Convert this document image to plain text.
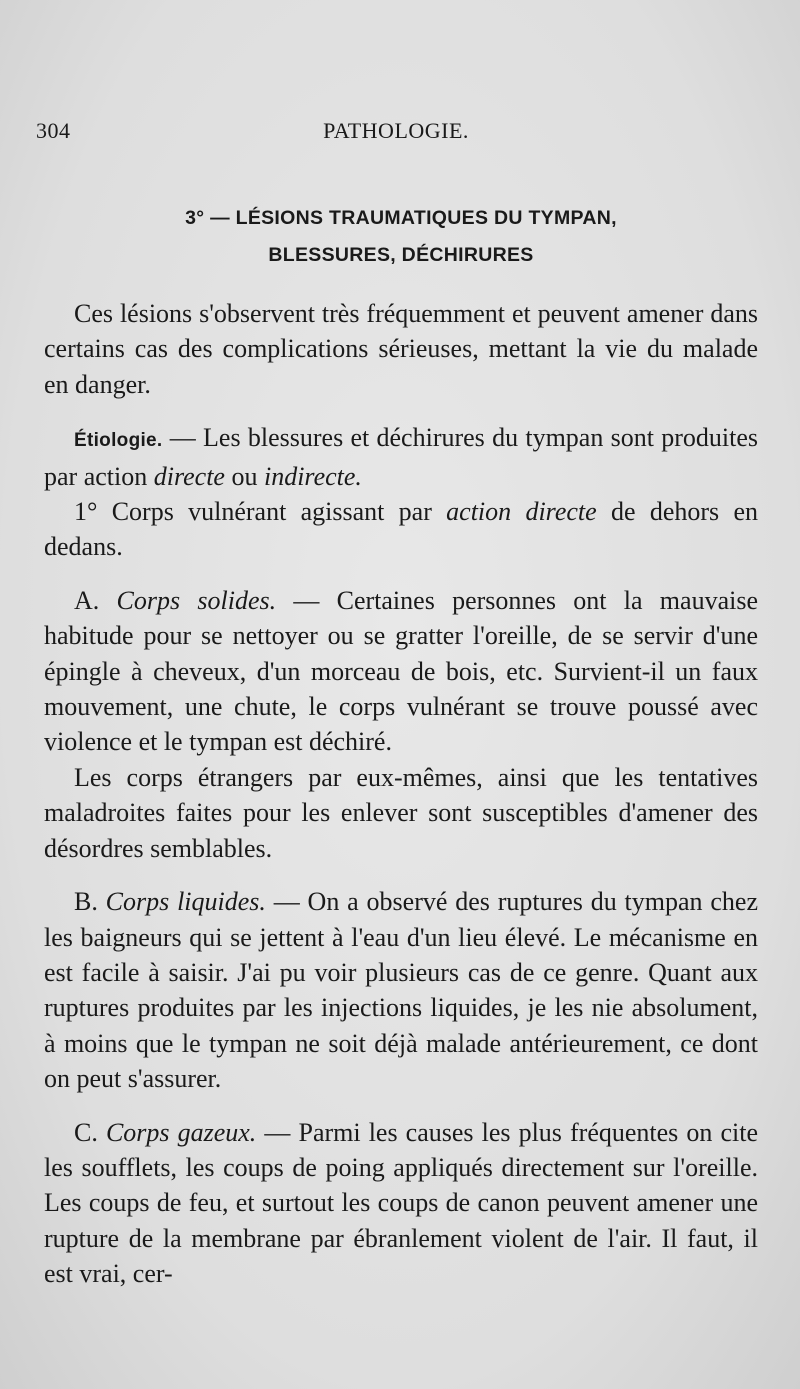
304	PATHOLOGIE.
3° — LÉSIONS TRAUMATIQUES DU TYMPAN,
BLESSURES, DÉCHIRURES

Ces lésions s'observent très fréquemment et peuvent amener dans certains cas des complications sérieuses, mettant la vie du malade en danger.

Étiologie. — Les blessures et déchirures du tympan sont produites par action directe ou indirecte.

1° Corps vulnérant agissant par action directe de dehors en dedans.

A. Corps solides. — Certaines personnes ont la mauvaise habitude pour se nettoyer ou se gratter l'oreille, de se servir d'une épingle à cheveux, d'un morceau de bois, etc. Survient-il un faux mouvement, une chute, le corps vulnérant se trouve poussé avec violence et le tympan est déchiré.

Les corps étrangers par eux-mêmes, ainsi que les tentatives maladroites faites pour les enlever sont susceptibles d'amener des désordres semblables.

B. Corps liquides. — On a observé des ruptures du tympan chez les baigneurs qui se jettent à l'eau d'un lieu élevé. Le mécanisme en est facile à saisir. J'ai pu voir plusieurs cas de ce genre. Quant aux ruptures produites par les injections liquides, je les nie absolument, à moins que le tympan ne soit déjà malade antérieurement, ce dont on peut s'assurer.

C. Corps gazeux. — Parmi les causes les plus fréquentes on cite les soufflets, les coups de poing appliqués directement sur l'oreille. Les coups de feu, et surtout les coups de canon peuvent amener une rupture de la membrane par ébranlement violent de l'air. Il faut, il est vrai, cer-
